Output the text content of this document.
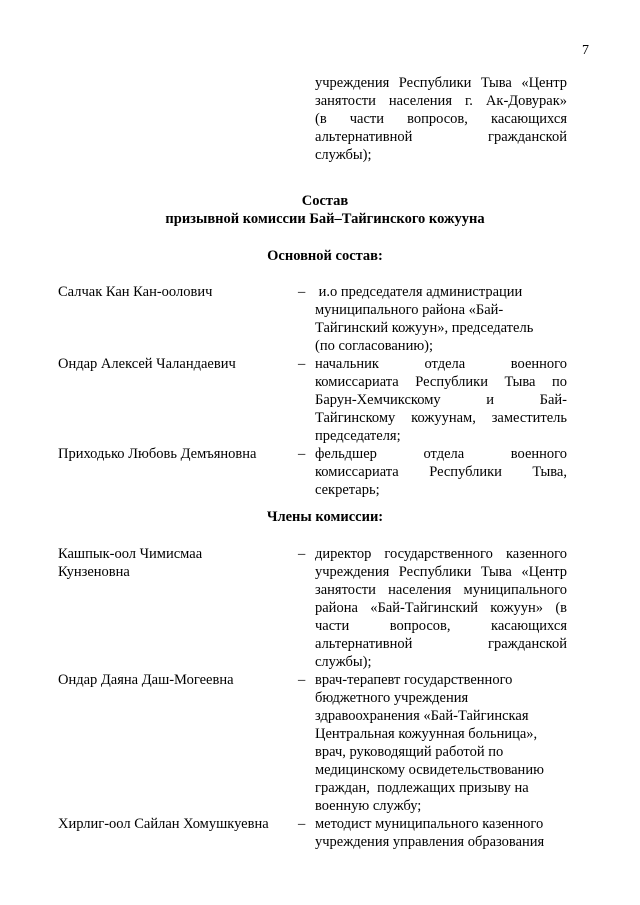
7
учреждения Республики Тыва «Центр
занятости населения г. Ак-Довурак»
(в части вопросов, касающихся
альтернативной гражданской
службы);
Состав
призывной комиссии Бай–Тайгинского кожууна
Основной состав:
Салчак Кан Кан-оолович	– и.о председателя администрации
муниципального района «Бай-
Тайгинский кожуун», председатель
(по согласованию);
Ондар Алексей Чаландаевич	– начальник отдела военного
комиссариата Республики Тыва по
Барун-Хемчикскому и Бай-
Тайгинскому кожуунам, заместитель
председателя;
Приходько Любовь Демъяновна	– фельдшер отдела военного
комиссариата Республики Тыва,
секретарь;
Члены комиссии:
Кашпык-оол Чимисмаа
Кунзеновна
– директор государственного казенного
учреждения Республики Тыва «Центр
занятости населения муниципального
района «Бай-Тайгинский кожуун» (в
части вопросов, касающихся
альтернативной гражданской
службы);
Ондар Даяна Даш-Могеевна	– врач-терапевт государственного
бюджетного учреждения
здравоохранения «Бай-Тайгинская
Центральная кожуунная больница»,
врач, руководящий работой по
медицинскому освидетельствованию
граждан,  подлежащих призыву на
военную службу;
Хирлиг-оол Сайлан Хомушкуевна	– методист муниципального казенного
учреждения управления образования
